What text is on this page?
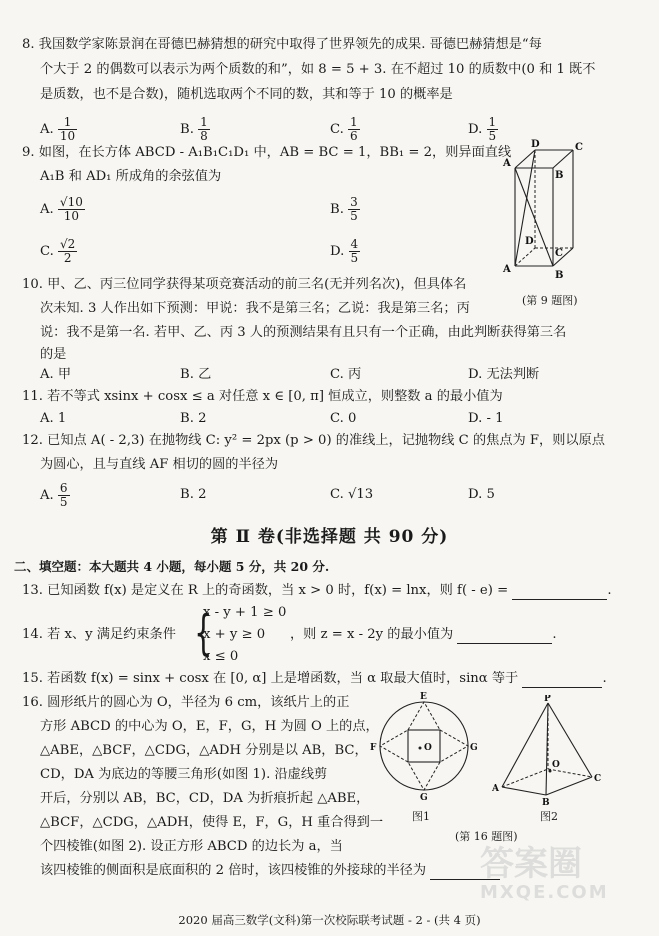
8. 我国数学家陈景润在哥德巴赫猜想的研究中取得了世界领先的成果. 哥德巴赫猜想是“每
个大于 2 的偶数可以表示为两个质数的和”，如 8 = 5 + 3. 在不超过 10 的质数中(0 和 1 既不
是质数，也不是合数)，随机选取两个不同的数，其和等于 10 的概率是
A. $\frac{1}{10}$	B. $\frac{1}{8}$	C. $\frac{1}{6}$	D. $\frac{1}{5}$
9. 如图，在长方体 ABCD - A₁B₁C₁D₁ 中，AB = BC = 1，BB₁ = 2，则异面直线
A₁B 和 AD₁ 所成角的余弦值为
A. $\frac{√10}{10}$	B. $\frac{3}{5}$
C. $\frac{√2}{2}$	D. $\frac{4}{5}$
D	C
B
A
D
C
A
B
(第 9 题图)
10. 甲、乙、丙三位同学获得某项竞赛活动的前三名(无并列名次)，但具体名
次未知. 3 人作出如下预测：甲说：我不是第三名；乙说：我是第三名；丙
说：我不是第一名. 若甲、乙、丙 3 人的预测结果有且只有一个正确，由此判断获得第三名
的是
A. 甲	B. 乙	C. 丙	D. 无法判断
11. 若不等式 xsinx + cosx ≤ a 对任意 x ∈ [0, π] 恒成立，则整数 a 的最小值为
A. 1	B. 2	C. 0	D. - 1
12. 已知点 A( - 2,3) 在抛物线 C: y² = 2px (p > 0) 的准线上，记抛物线 C 的焦点为 F，则以原点
为圆心，且与直线 AF 相切的圆的半径为
A. $\frac{6}{5}$	B. 2	C. √13	D. 5
第 Ⅱ 卷(非选择题 共 90 分)
二、填空题：本大题共 4 小题，每小题 5 分，共 20 分.
13. 已知函数 f(x) 是定义在 R 上的奇函数，当 x > 0 时，f(x) = lnx，则 f( - e) =	.
14. 若 x、y 满足约束条件 {
x - y + 1 ≥ 0
x + y ≥ 0
x ≤ 0
，则 z = x - 2y 的最小值为	.
15. 若函数 f(x) = sinx + cosx 在 [0, α] 上是增函数，当 α 取最大值时，sinα 等于	.
16. 圆形纸片的圆心为 O，半径为 6 cm，该纸片上的正
方形 ABCD 的中心为 O，E，F，G，H 为圆 O 上的点，
△ABE，△BCF，△CDG，△ADH 分别是以 AB，BC，
CD，DA 为底边的等腰三角形(如图 1). 沿虚线剪
开后，分别以 AB，BC，CD，DA 为折痕折起 △ABE，
△BCF，△CDG，△ADH，使得 E，F，G，H 重合得到一
个四棱锥(如图 2). 设正方形 ABCD 的边长为 a，当
该四棱锥的侧面积是底面积的 2 倍时，该四棱锥的外接球的半径为
E
G
F
G
O
图1
P
A
B
C
O
图2
(第 16 题图)
2020 届高三数学(文科)第一次校际联考试题 - 2 - (共 4 页)
答案圈
MXQE.COM
